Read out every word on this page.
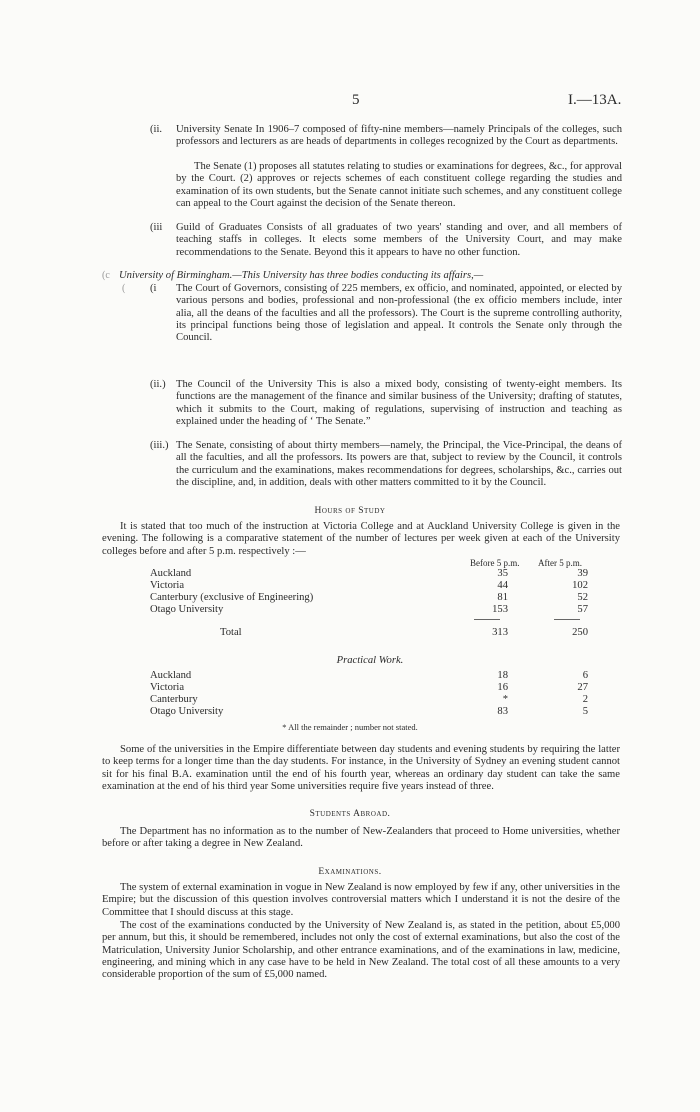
5	I.—13A.
(ii. University Senate In 1906–7 composed of fifty-nine members—namely Principals of the colleges, such professors and lecturers as are heads of departments in colleges recognized by the Court as departments.
The Senate (1) proposes all statutes relating to studies or examinations for degrees, &c., for approval by the Court. (2) approves or rejects schemes of each constituent college regarding the studies and examination of its own students, but the Senate cannot initiate such schemes, and any constituent college can appeal to the Court against the decision of the Senate thereon.
(iii Guild of Graduates Consists of all graduates of two years' standing and over, and all members of teaching staffs in colleges. It elects some members of the University Court, and may make recommendations to the Senate. Beyond this it appears to have no other function.
(c University of Birmingham.—This University has three bodies conducting its affairs,—
( (i The Court of Governors, consisting of 225 members, ex officio, and nominated, appointed, or elected by various persons and bodies, professional and non-professional (the ex officio members include, inter alia, all the deans of the faculties and all the professors). The Court is the supreme controlling authority, its principal functions being those of legislation and appeal. It controls the Senate only through the Council.
(ii.) The Council of the University This is also a mixed body, consisting of twenty-eight members. Its functions are the management of the finance and similar business of the University; drafting of statutes, which it submits to the Court, making of regulations, supervising of instruction and teaching as explained under the heading of ‘ The Senate.”
(iii.) The Senate, consisting of about thirty members—namely, the Principal, the Vice-Principal, the deans of all the faculties, and all the professors. Its powers are that, subject to review by the Council, it controls the curriculum and the examinations, makes recommendations for degrees, scholarships, &c., carries out the discipline, and, in addition, deals with other matters committed to it by the Council.
Hours of Study
It is stated that too much of the instruction at Victoria College and at Auckland University College is given in the evening. The following is a comparative statement of the number of lectures per week given at each of the University colleges before and after 5 p.m. respectively :—
Before 5 p.m. After 5 p.m.
Auckland	35	39
Victoria	44	102
Canterbury (exclusive of Engineering)	81	52
Otago University	153	57
Total	313	250
Practical Work.
Auckland	18	6
Victoria	16	27
Canterbury	*	2
Otago University	83	5
* All the remainder ; number not stated.
Some of the universities in the Empire differentiate between day students and evening students by requiring the latter to keep terms for a longer time than the day students. For instance, in the University of Sydney an evening student cannot sit for his final B.A. examination until the end of his fourth year, whereas an ordinary day student can take the same examination at the end of his third year Some universities require five years instead of three.
Students Abroad.
The Department has no information as to the number of New-Zealanders that proceed to Home universities, whether before or after taking a degree in New Zealand.
Examinations.
The system of external examination in vogue in New Zealand is now employed by few if any, other universities in the Empire; but the discussion of this question involves controversial matters which I understand it is not the desire of the Committee that I should discuss at this stage.
The cost of the examinations conducted by the University of New Zealand is, as stated in the petition, about £5,000 per annum, but this, it should be remembered, includes not only the cost of external examinations, but also the cost of the Matriculation, University Junior Scholarship, and other entrance examinations, and of the examinations in law, medicine, engineering, and mining which in any case have to be held in New Zealand. The total cost of all these amounts to a very considerable proportion of the sum of £5,000 named.
